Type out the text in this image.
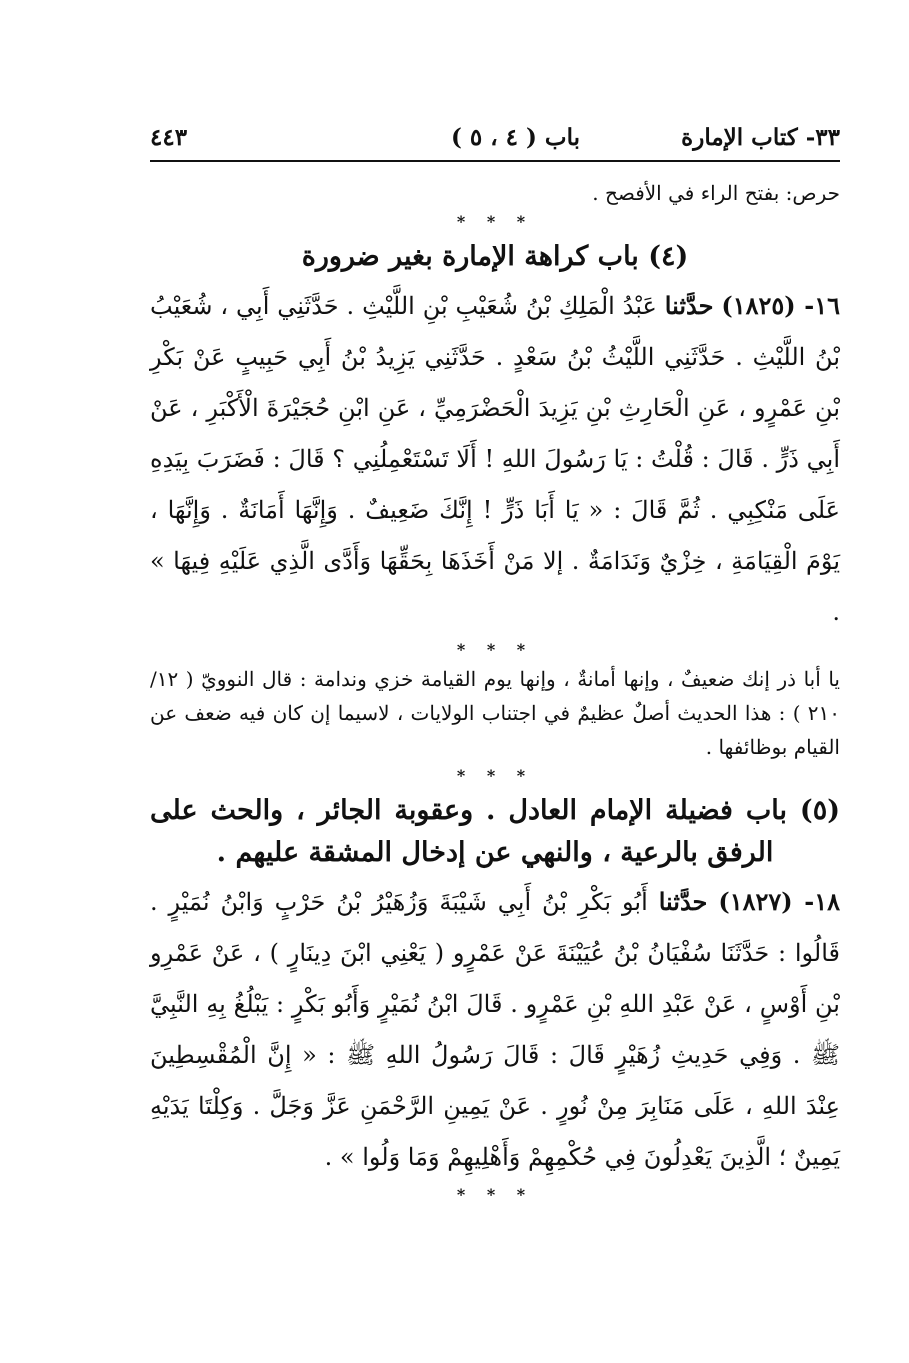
٣٣- كتاب الإمارة
باب ( ٤ ، ٥ )
٤٤٣

حرص: بفتح الراء في الأفصح .

* * *
(٤) باب كراهة الإمارة بغير ضرورة

١٦- (١٨٢٥) حدَّثنا عَبْدُ الْمَلِكِ بْنُ شُعَيْبِ بْنِ اللَّيْثِ . حَدَّثَنِي أَبِي ، شُعَيْبُ بْنُ اللَّيْثِ . حَدَّثَنِي اللَّيْثُ بْنُ سَعْدٍ . حَدَّثَنِي يَزِيدُ بْنُ أَبِي حَبِيبٍ عَنْ بَكْرِ بْنِ عَمْرٍو ، عَنِ الْحَارِثِ بْنِ يَزِيدَ الْحَضْرَمِيِّ ، عَنِ ابْنِ حُجَيْرَةَ الْأَكْبَرِ ، عَنْ أَبِي ذَرٍّ . قَالَ : قُلْتُ : يَا رَسُولَ اللهِ ! أَلَا تَسْتَعْمِلُنِي ؟ قَالَ : فَضَرَبَ بِيَدِهِ عَلَى مَنْكِبِي . ثُمَّ قَالَ : « يَا أَبَا ذَرٍّ ! إِنَّكَ ضَعِيفٌ . وَإِنَّهَا أَمَانَةٌ . وَإِنَّهَا ، يَوْمَ الْقِيَامَةِ ، خِزْيٌ وَنَدَامَةٌ . إلا مَنْ أَخَذَهَا بِحَقِّهَا وَأَدَّى الَّذِي عَلَيْهِ فِيهَا » .

* * *

يا أبا ذر إنك ضعيفٌ ، وإنها أمانةٌ ، وإنها يوم القيامة خزي وندامة : قال النوويّ ( ١٢/ ٢١٠ ) : هذا الحديث أصلٌ عظيمٌ في اجتناب الولايات ، لاسيما إن كان فيه ضعف عن القيام بوظائفها .

* * *
(٥) باب فضيلة الإمام العادل . وعقوبة الجائر ، والحث على الرفق بالرعية ، والنهي عن إدخال المشقة عليهم .

١٨- (١٨٢٧) حدَّثنا أَبُو بَكْرِ بْنُ أَبِي شَيْبَةَ وَزُهَيْرُ بْنُ حَرْبٍ وَابْنُ نُمَيْرٍ . قَالُوا : حَدَّثَنَا سُفْيَانُ بْنُ عُيَيْنَةَ عَنْ عَمْرٍو ( يَعْنِي ابْنَ دِينَارٍ ) ، عَنْ عَمْرِو بْنِ أَوْسٍ ، عَنْ عَبْدِ اللهِ بْنِ عَمْرٍو . قَالَ ابْنُ نُمَيْرٍ وَأَبُو بَكْرٍ : يَبْلُغُ بِهِ النَّبِيَّ ﷺ . وَفِي حَدِيثِ زُهَيْرٍ قَالَ : قَالَ رَسُولُ اللهِ ﷺ : « إِنَّ الْمُقْسِطِينَ عِنْدَ اللهِ ، عَلَى مَنَابِرَ مِنْ نُورٍ . عَنْ يَمِينِ الرَّحْمَنِ عَزَّ وَجَلَّ . وَكِلْتَا يَدَيْهِ يَمِينٌ ؛ الَّذِينَ يَعْدِلُونَ فِي حُكْمِهِمْ وَأَهْلِيهِمْ وَمَا وَلُوا » .

* * *
